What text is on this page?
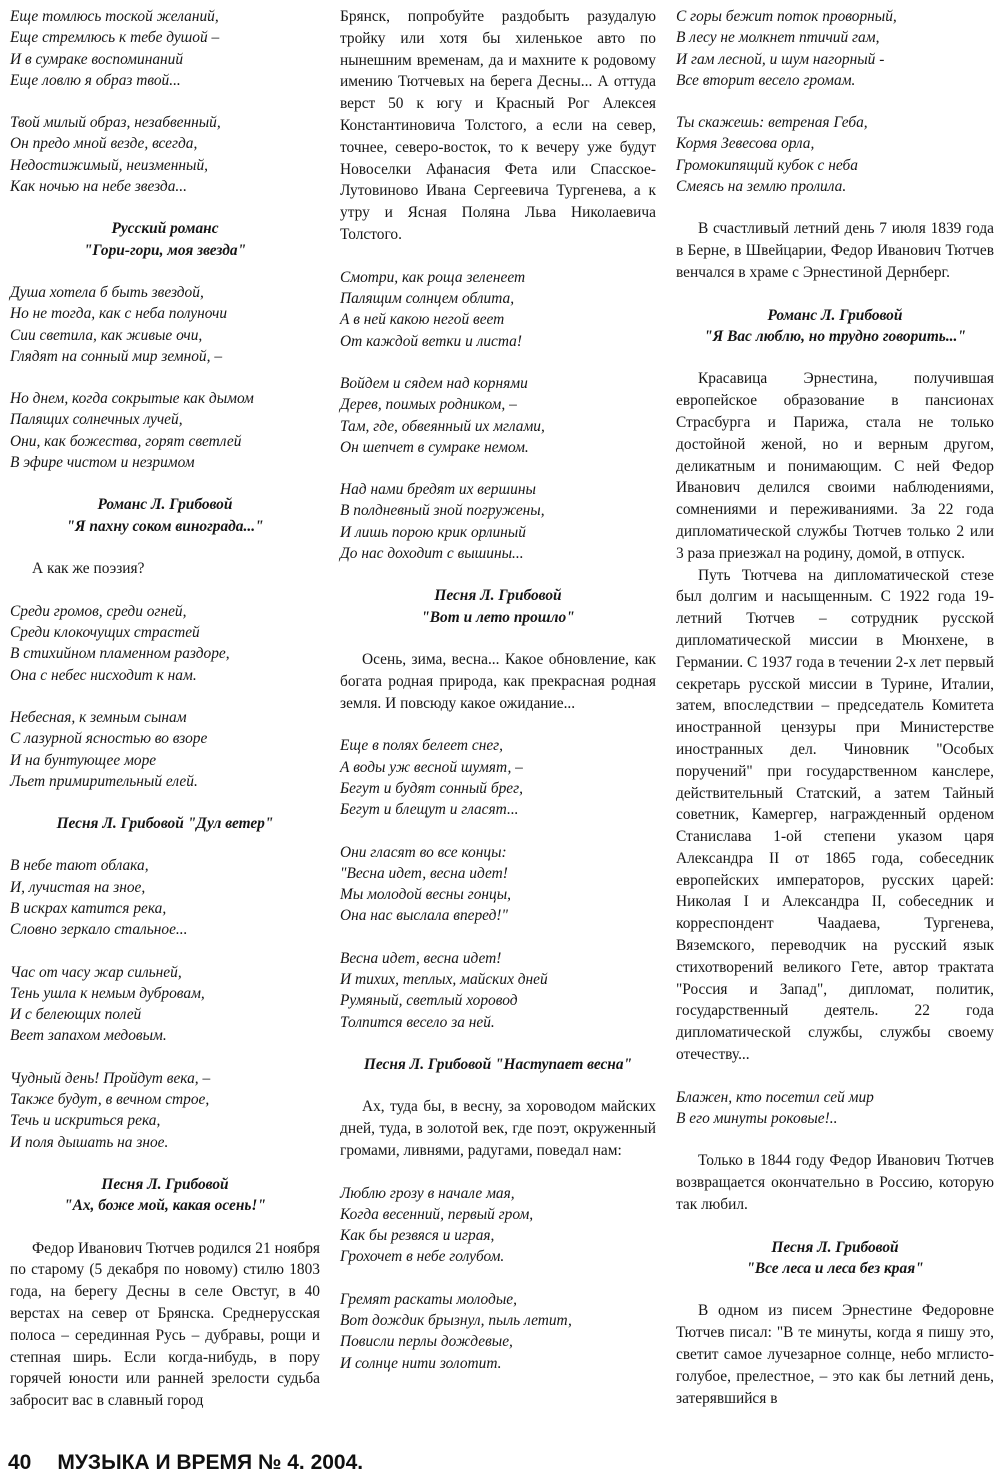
Еще томлюсь тоской желаний,
Еще стремлюсь к тебе душой –
И в сумраке воспоминаний
Еще ловлю я образ твой...
Твой милый образ, незабвенный,
Он предо мной везде, всегда,
Недостижимый, неизменный,
Как ночью на небе звезда...
Русский романс
"Гори-гори, моя звезда"
Душа хотела б быть звездой,
Но не тогда, как с неба полуночи
Сии светила, как живые очи,
Глядят на сонный мир земной, –
Но днем, когда сокрытые как дымом
Палящих солнечных лучей,
Они, как божества, горят светлей
В эфире чистом и незримом
Романс Л. Грибовой
"Я пахну соком винограда..."

А как же поэзия?

Среди громов, среди огней,
Среди клокочущих страстей
В стихийном пламенном раздоре,
Она с небес нисходит к нам.
Небесная, к земным сынам
С лазурной ясностью во взоре
И на бунтующее море
Льет примирительный елей.
Песня Л. Грибовой "Дул ветер"
В небе тают облака,
И, лучистая на зное,
В искрах катится река,
Словно зеркало стальное...
Час от часу жар сильней,
Тень ушла к немым дубровам,
И с белеющих полей
Веет запахом медовым.
Чудный день! Пройдут века, –
Также будут, в вечном строе,
Течь и искриться река,
И поля дышать на зное.
Песня Л. Грибовой
"Ах, боже мой, какая осень!"

Федор Иванович Тютчев родился 21 ноября по старому (5 декабря по новому) стилю 1803 года, на берегу Десны в селе Овстуг, в 40 верстах на север от Брянска. Среднерусская полоса – серединная Русь – дубравы, рощи и степная ширь. Если когда-нибудь, в пору горячей юности или ранней зрелости судьба забросит вас в славный город

Брянск, попробуйте раздобыть разудалую тройку или хотя бы хиленькое авто по нынешним временам, да и махните к родовому имению Тютчевых на берега Десны... А оттуда верст 50 к югу и Красный Рог Алексея Константиновича Толстого, а если на север, точнее, северо-восток, то к вечеру уже будут Новоселки Афанасия Фета или Спасское-Лутовиново Ивана Сергеевича Тургенева, а к утру и Ясная Поляна Льва Николаевича Толстого.

Смотри, как роща зеленеет
Палящим солнцем облита,
А в ней какою негой веет
От каждой ветки и листа!
Войдем и сядем над корнями
Дерев, поимых родником, –
Там, где, обвеянный их мглами,
Он шепчет в сумраке немом.
Над нами бредят их вершины
В полдневный зной погружены,
И лишь порою крик орлиный
До нас доходит с вышины...
Песня Л. Грибовой
"Вот и лето прошло"

Осень, зима, весна... Какое обновление, как богата родная природа, как прекрасная родная земля. И повсюду какое ожидание...

Еще в полях белеет снег,
А воды уж весной шумят, –
Бегут и будят сонный брег,
Бегут и блещут и гласят...
Они гласят во все концы:
"Весна идет, весна идет!
Мы молодой весны гонцы,
Она нас выслала вперед!"
Весна идет, весна идет!
И тихих, теплых, майских дней
Румяный, светлый хоровод
Толпится весело за ней.
Песня Л. Грибовой "Наступает весна"

Ах, туда бы, в весну, за хороводом майских дней, туда, в золотой век, где поэт, окруженный громами, ливнями, радугами, поведал нам:

Люблю грозу в начале мая,
Когда весенний, первый гром,
Как бы резвяся и играя,
Грохочет в небе голубом.
Гремят раскаты молодые,
Вот дождик брызнул, пыль летит,
Повисли перлы дождевые,
И солнце нити золотит.
С горы бежит поток проворный,
В лесу не молкнет птичий гам,
И гам лесной, и шум нагорный -
Все вторит весело громам.
Ты скажешь: ветреная Геба,
Кормя Зевесова орла,
Громокипящий кубок с неба
Смеясь на землю пролила.

В счастливый летний день 7 июля 1839 года в Берне, в Швейцарии, Федор Иванович Тютчев венчался в храме с Эрнестиной Дернберг.

Романс Л. Грибовой
"Я Вас люблю, но трудно говорить..."

Красавица Эрнестина, получившая европейское образование в пансионах Страсбурга и Парижа, стала не только достойной женой, но и верным другом, деликатным и понимающим. С ней Федор Иванович делился своими наблюдениями, сомнениями и переживаниями. За 22 года дипломатической службы Тютчев только 2 или 3 раза приезжал на родину, домой, в отпуск.

Путь Тютчева на дипломатической стезе был долгим и насыщенным. С 1922 года 19-летний Тютчев – сотрудник русской дипломатической миссии в Мюнхене, в Германии. С 1937 года в течении 2-х лет первый секретарь русской миссии в Турине, Италии, затем, впоследствии – председатель Комитета иностранной цензуры при Министерстве иностранных дел. Чиновник "Особых поручений" при государственном канслере, действительный Статский, а затем Тайный советник, Камергер, награжденный орденом Станислава 1-ой степени указом царя Александра II от 1865 года, собеседник европейских императоров, русских царей: Николая I и Александра II, собеседник и корреспондент Чаадаева, Тургенева, Вяземского, переводчик на русский язык стихотворений великого Гете, автор трактата "Россия и Запад", дипломат, политик, государственный деятель. 22 года дипломатической службы, службы своему отечеству...

Блажен, кто посетил сей мир
В его минуты роковые!..

Только в 1844 году Федор Иванович Тютчев возвращается окончательно в Россию, которую так любил.

Песня Л. Грибовой
"Все леса и леса без края"

В одном из писем Эрнестине Федоровне Тютчев писал: "В те минуты, когда я пишу это, светит самое лучезарное солнце, небо мглисто-голубое, прелестное, – это как бы летний день, затерявшийся в

40 МУЗЫКА И ВРЕМЯ № 4. 2004.
